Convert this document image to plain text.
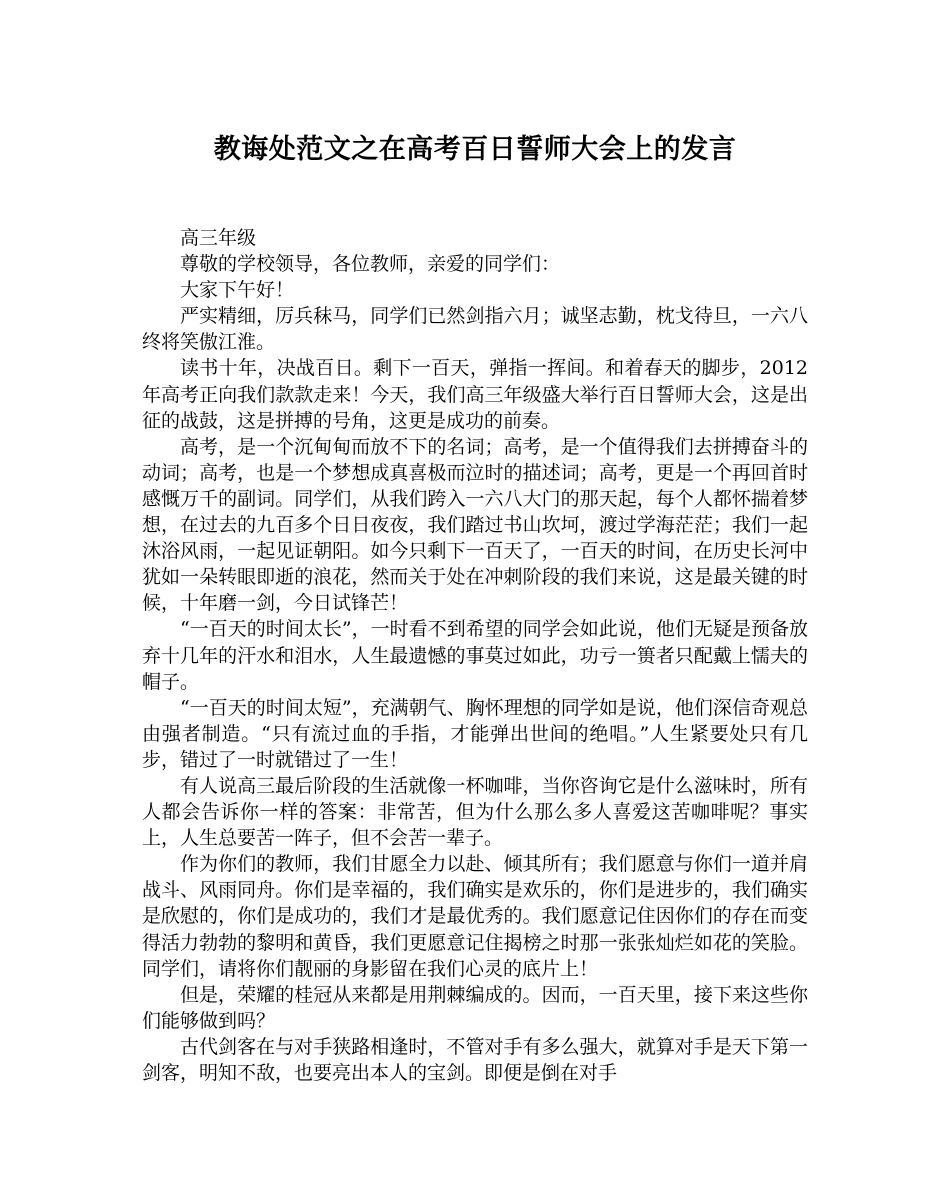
教诲处范文之在高考百日誓师大会上的发言

高三年级

尊敬的学校领导，各位教师，亲爱的同学们：

大家下午好！

严实精细，厉兵秣马，同学们已然剑指六月；诚坚志勤，枕戈待旦，一六八终将笑傲江淮。

读书十年，决战百日。剩下一百天，弹指一挥间。和着春天的脚步，2012年高考正向我们款款走来！今天，我们高三年级盛大举行百日誓师大会，这是出征的战鼓，这是拼搏的号角，这更是成功的前奏。

高考，是一个沉甸甸而放不下的名词；高考，是一个值得我们去拼搏奋斗的动词；高考，也是一个梦想成真喜极而泣时的描述词；高考，更是一个再回首时感慨万千的副词。同学们，从我们跨入一六八大门的那天起，每个人都怀揣着梦想，在过去的九百多个日日夜夜，我们踏过书山坎坷，渡过学海茫茫；我们一起沐浴风雨，一起见证朝阳。如今只剩下一百天了，一百天的时间，在历史长河中犹如一朵转眼即逝的浪花，然而关于处在冲刺阶段的我们来说，这是最关键的时候，十年磨一剑，今日试锋芒！

“一百天的时间太长”，一时看不到希望的同学会如此说，他们无疑是预备放弃十几年的汗水和泪水，人生最遗憾的事莫过如此，功亏一篑者只配戴上懦夫的帽子。

“一百天的时间太短”，充满朝气、胸怀理想的同学如是说，他们深信奇观总由强者制造。“只有流过血的手指，才能弹出世间的绝唱。”人生紧要处只有几步，错过了一时就错过了一生！

有人说高三最后阶段的生活就像一杯咖啡，当你咨询它是什么滋味时，所有人都会告诉你一样的答案：非常苦，但为什么那么多人喜爱这苦咖啡呢？事实上，人生总要苦一阵子，但不会苦一辈子。

作为你们的教师，我们甘愿全力以赴、倾其所有；我们愿意与你们一道并肩战斗、风雨同舟。你们是幸福的，我们确实是欢乐的，你们是进步的，我们确实是欣慰的，你们是成功的，我们才是最优秀的。我们愿意记住因你们的存在而变得活力勃勃的黎明和黄昏，我们更愿意记住揭榜之时那一张张灿烂如花的笑脸。同学们，请将你们靓丽的身影留在我们心灵的底片上！

但是，荣耀的桂冠从来都是用荆棘编成的。因而，一百天里，接下来这些你们能够做到吗？

古代剑客在与对手狭路相逢时，不管对手有多么强大，就算对手是天下第一剑客，明知不敌，也要亮出本人的宝剑。即便是倒在对手
